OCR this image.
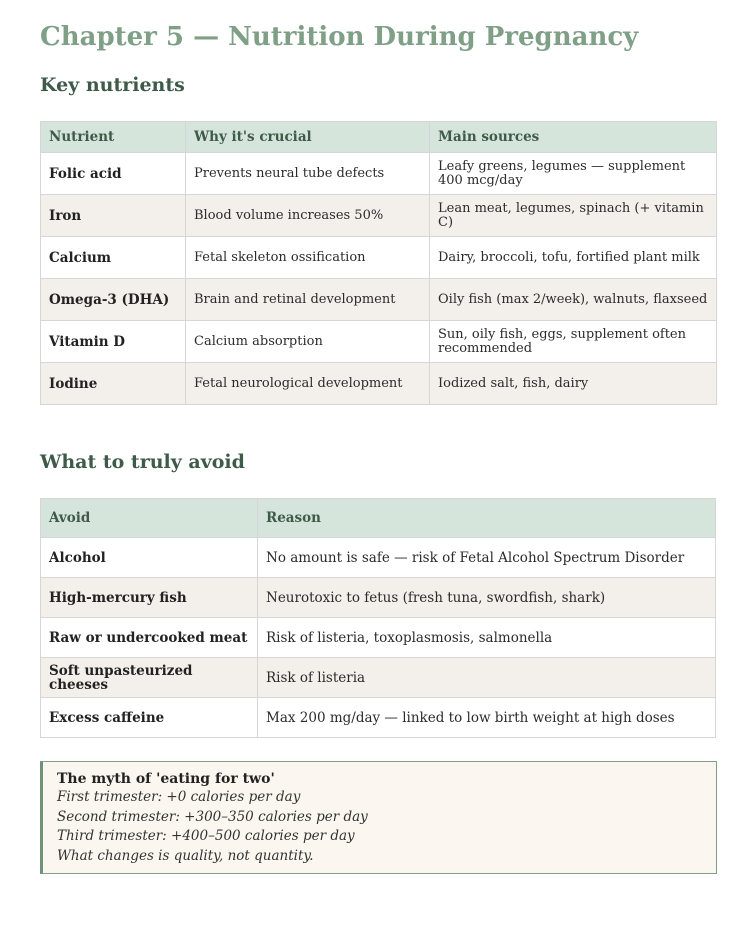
Chapter 5 — Nutrition During Pregnancy
Key nutrients
Nutrient	Why it's crucial	Main sources
Folic acid	Prevents neural tube defects	Leafy greens, legumes — supplement 400 mcg/day
Iron	Blood volume increases 50%	Lean meat, legumes, spinach (+ vitamin C)
Calcium	Fetal skeleton ossification	Dairy, broccoli, tofu, fortified plant milk
Omega-3 (DHA)	Brain and retinal development	Oily fish (max 2/week), walnuts, flaxseed
Vitamin D	Calcium absorption	Sun, oily fish, eggs, supplement often recommended
Iodine	Fetal neurological development	Iodized salt, fish, dairy
What to truly avoid
Avoid	Reason
Alcohol	No amount is safe — risk of Fetal Alcohol Spectrum Disorder
High-mercury fish	Neurotoxic to fetus (fresh tuna, swordfish, shark)
Raw or undercooked meat	Risk of listeria, toxoplasmosis, salmonella
Soft unpasteurized cheeses	Risk of listeria
Excess caffeine	Max 200 mg/day — linked to low birth weight at high doses
The myth of 'eating for two'
First trimester: +0 calories per day
Second trimester: +300–350 calories per day
Third trimester: +400–500 calories per day
What changes is quality, not quantity.
